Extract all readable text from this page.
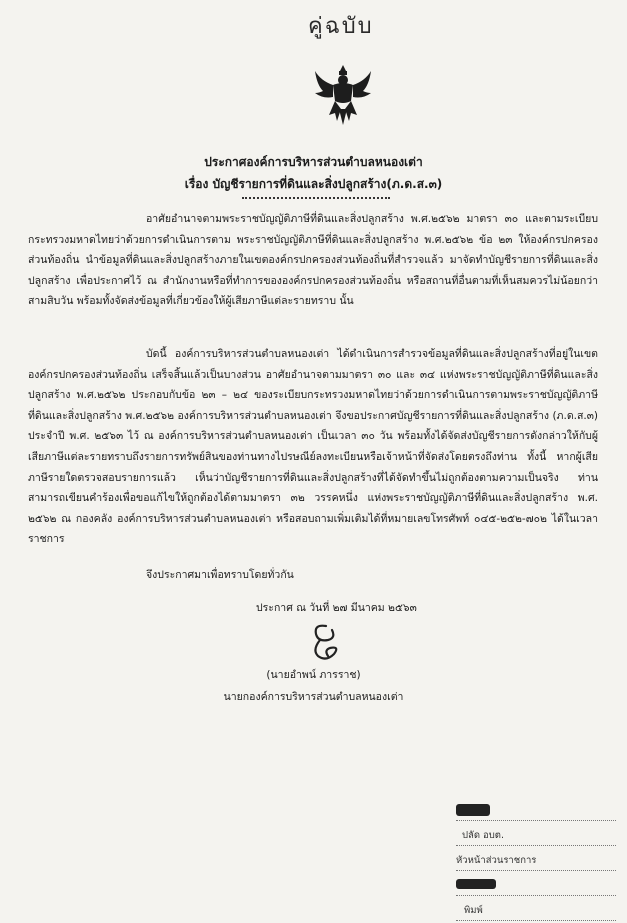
คู่ฉบับ
ประกาศองค์การบริหารส่วนตำบลหนองเต่า
เรื่อง บัญชีรายการที่ดินและสิ่งปลูกสร้าง(ภ.ด.ส.๓)
อาศัยอำนาจตามพระราชบัญญัติภาษีที่ดินและสิ่งปลูกสร้าง พ.ศ.๒๕๖๒ มาตรา ๓๐ และตามระเบียบกระทรวงมหาดไทยว่าด้วยการดำเนินการตาม พระราชบัญญัติภาษีที่ดินและสิ่งปลูกสร้าง พ.ศ.๒๕๖๒ ข้อ ๒๓ ให้องค์กรปกครองส่วนท้องถิ่น นำข้อมูลที่ดินและสิ่งปลูกสร้างภายในเขตองค์กรปกครองส่วนท้องถิ่นที่สำรวจแล้ว มาจัดทำบัญชีรายการที่ดินและสิ่งปลูกสร้าง เพื่อประกาศไว้ ณ สำนักงานหรือที่ทำการขององค์กรปกครองส่วนท้องถิ่น หรือสถานที่อื่นตามที่เห็นสมควรไม่น้อยกว่าสามสิบวัน พร้อมทั้งจัดส่งข้อมูลที่เกี่ยวข้องให้ผู้เสียภาษีแต่ละรายทราบ นั้น
บัดนี้ องค์การบริหารส่วนตำบลหนองเต่า ได้ดำเนินการสำรวจข้อมูลที่ดินและสิ่งปลูกสร้างที่อยู่ในเขตองค์กรปกครองส่วนท้องถิ่น เสร็จสิ้นแล้วเป็นบางส่วน อาศัยอำนาจตามมาตรา ๓๐ และ ๓๔ แห่งพระราชบัญญัติภาษีที่ดินและสิ่งปลูกสร้าง พ.ศ.๒๕๖๒ ประกอบกับข้อ ๒๓ – ๒๔ ของระเบียบกระทรวงมหาดไทยว่าด้วยการดำเนินการตามพระราชบัญญัติภาษีที่ดินและสิ่งปลูกสร้าง พ.ศ.๒๕๖๒ องค์การบริหารส่วนตำบลหนองเต่า จึงขอประกาศบัญชีรายการที่ดินและสิ่งปลูกสร้าง (ภ.ด.ส.๓) ประจำปี พ.ศ. ๒๕๖๓ ไว้ ณ องค์การบริหารส่วนตำบลหนองเต่า เป็นเวลา ๓๐ วัน พร้อมทั้งได้จัดส่งบัญชีรายการดังกล่าวให้กับผู้เสียภาษีแต่ละรายทราบถึงรายการทรัพย์สินของท่านทางไปรษณีย์ลงทะเบียนหรือเจ้าหน้าที่จัดส่งโดยตรงถึงท่าน ทั้งนี้ หากผู้เสียภาษีรายใดตรวจสอบรายการแล้ว เห็นว่าบัญชีรายการที่ดินและสิ่งปลูกสร้างที่ได้จัดทำขึ้นไม่ถูกต้องตามความเป็นจริง ท่านสามารถเขียนคำร้องเพื่อขอแก้ไขให้ถูกต้องได้ตามมาตรา ๓๒ วรรคหนึ่ง แห่งพระราชบัญญัติภาษีที่ดินและสิ่งปลูกสร้าง พ.ศ. ๒๕๖๒ ณ กองคลัง องค์การบริหารส่วนตำบลหนองเต่า หรือสอบถามเพิ่มเติมได้ที่หมายเลขโทรศัพท์ ๐๔๕-๒๕๒-๗๐๒ ได้ในเวลาราชการ
จึงประกาศมาเพื่อทราบโดยทั่วกัน
ประกาศ ณ วันที่ ๒๗ มีนาคม ๒๕๖๓
(นายอำพน์ ภารราช)
นายกองค์การบริหารส่วนตำบลหนองเต่า
ปลัด อบต.
หัวหน้าส่วนราชการ
พิมพ์
